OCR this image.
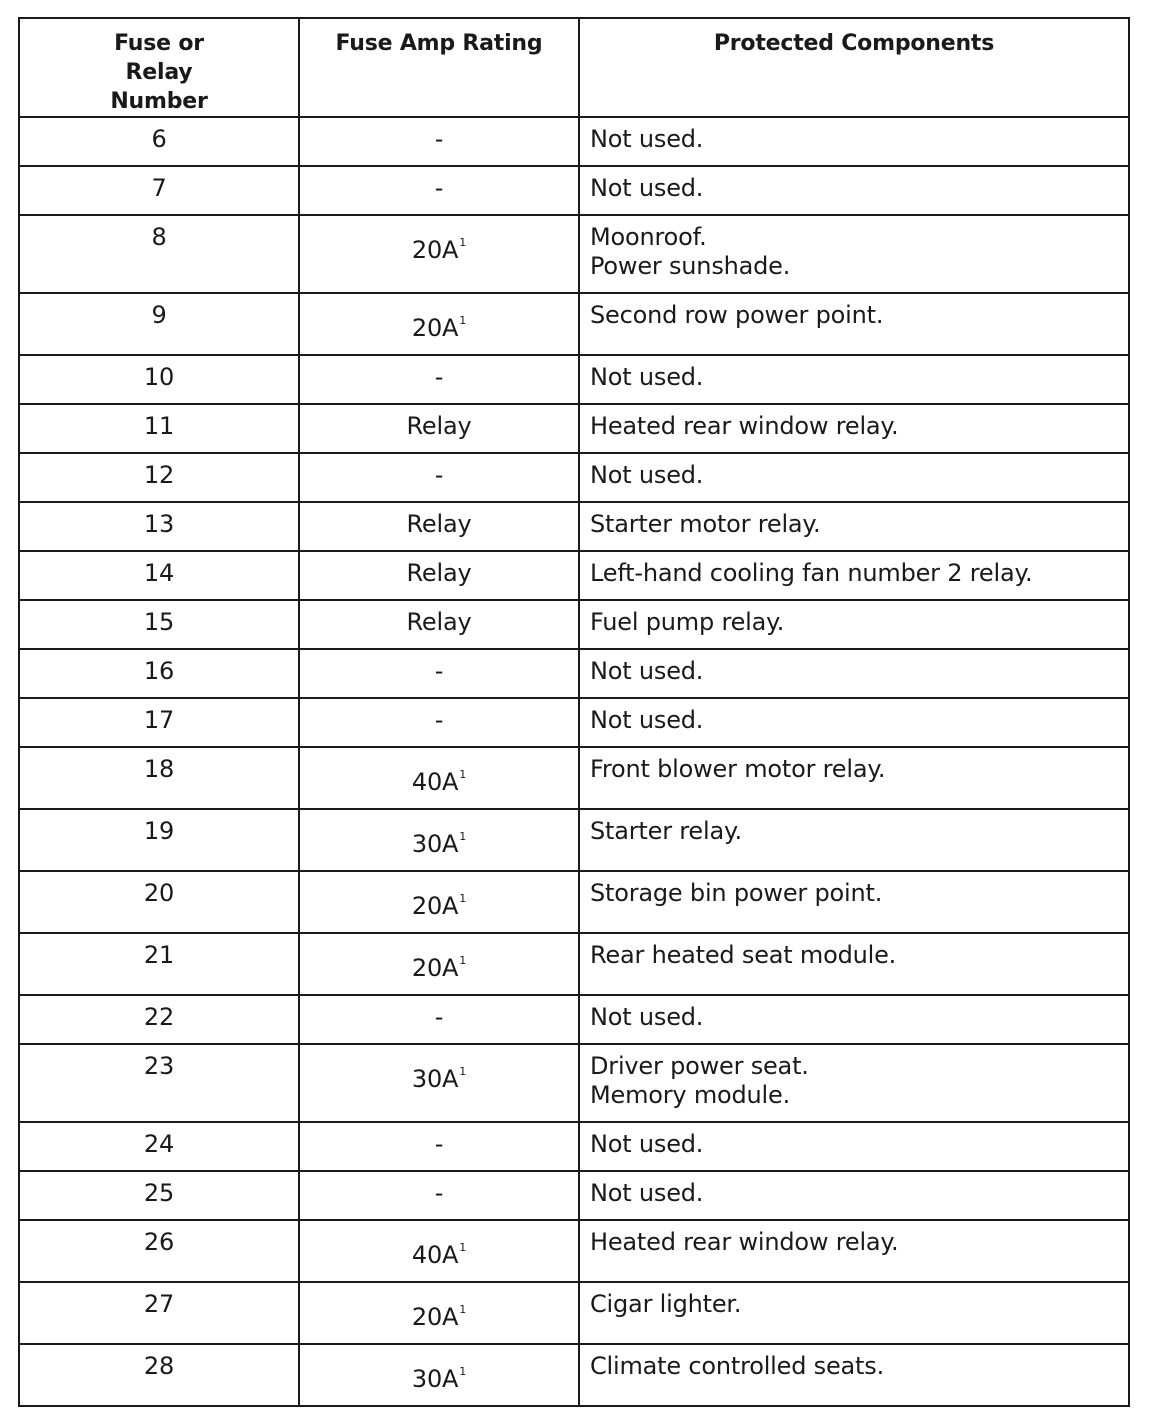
Fuse or Relay Number	Fuse Amp Rating	Protected Components
6	-	Not used.

7	-	Not used.

8	$20A^1$	Moonroof.
Power sunshade.

9	$20A^1$	Second row power point.

10	-	Not used.

11	Relay	Heated rear window relay.

12	-	Not used.

13	Relay	Starter motor relay.

14	Relay	Left-hand cooling fan number 2 relay.

15	Relay	Fuel pump relay.

16	-	Not used.

17	-	Not used.

18	$40A^1$	Front blower motor relay.

19	$30A^1$	Starter relay.

20	$20A^1$	Storage bin power point.

21	$20A^1$	Rear heated seat module.

22	-	Not used.

23	$30A^1$	Driver power seat.
Memory module.

24	-	Not used.

25	-	Not used.

26	$40A^1$	Heated rear window relay.

27	$20A^1$	Cigar lighter.

28	$30A^1$	Climate controlled seats.
